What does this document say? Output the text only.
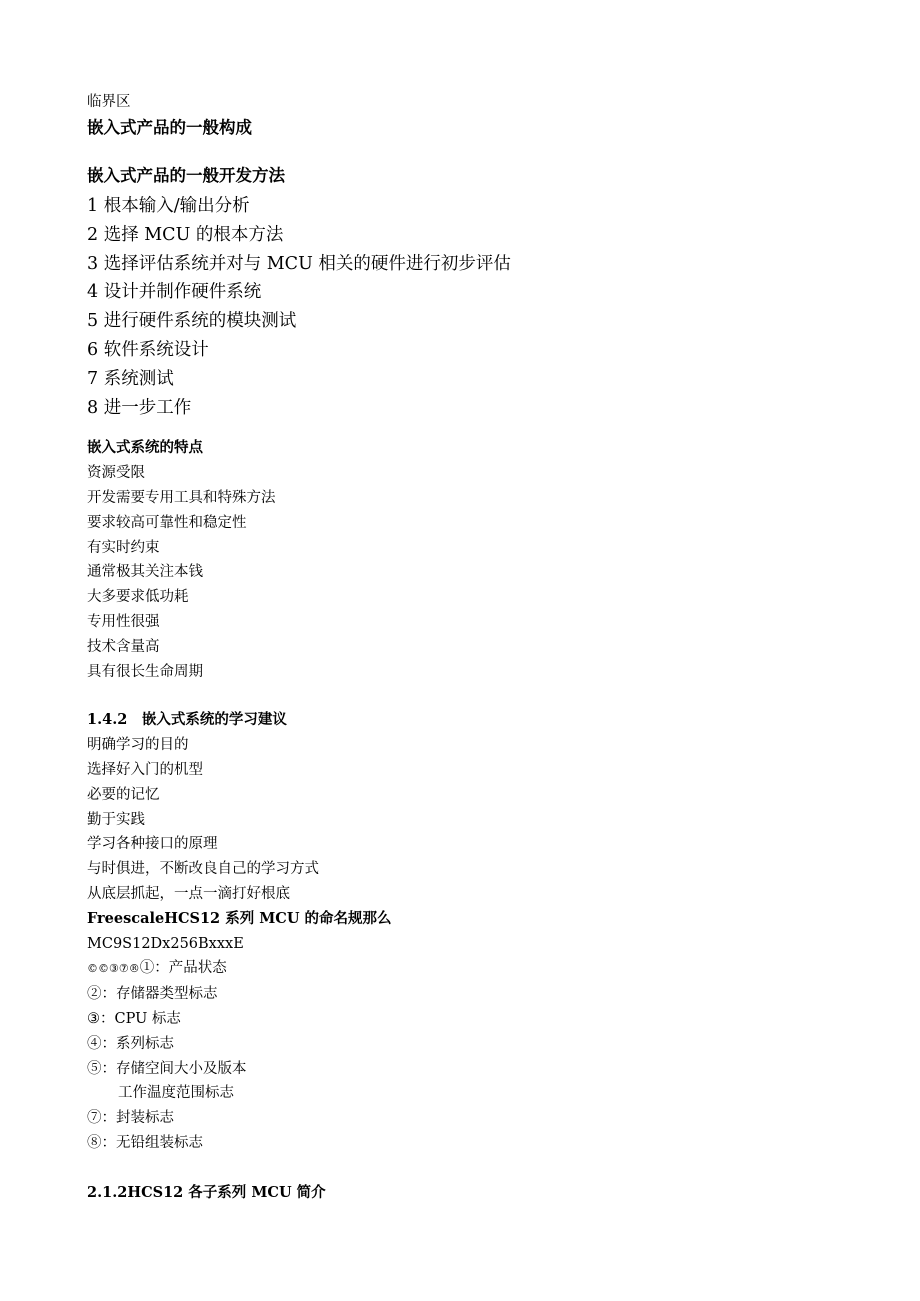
临界区
嵌入式产品的一般构成
嵌入式产品的一般开发方法
1 根本输入/输出分析
2 选择 MCU 的根本方法
3 选择评估系统并对与 MCU 相关的硬件进行初步评估
4 设计并制作硬件系统
5 进行硬件系统的模块测试
6 软件系统设计
7 系统测试
8 进一步工作
嵌入式系统的特点
资源受限
开发需要专用工具和特殊方法
要求较高可靠性和稳定性
有实时约束
通常极其关注本钱
大多要求低功耗
专用性很强
技术含量高
具有很长生命周期
1.4.2　嵌入式系统的学习建议
明确学习的目的
选择好入门的机型
必要的记忆
勤于实践
学习各种接口的原理
与时俱进，不断改良自己的学习方式
从底层抓起，一点一滴打好根底
FreescaleHCS12 系列 MCU 的命名规那么
MC9S12Dx256BxxxE
©©③⑦®①：产品状态
②：存储器类型标志
③：CPU 标志
④：系列标志
⑤：存储空间大小及版本
工作温度范围标志
⑦：封装标志
⑧：无铅组装标志
2.1.2HCS12 各子系列 MCU 简介
